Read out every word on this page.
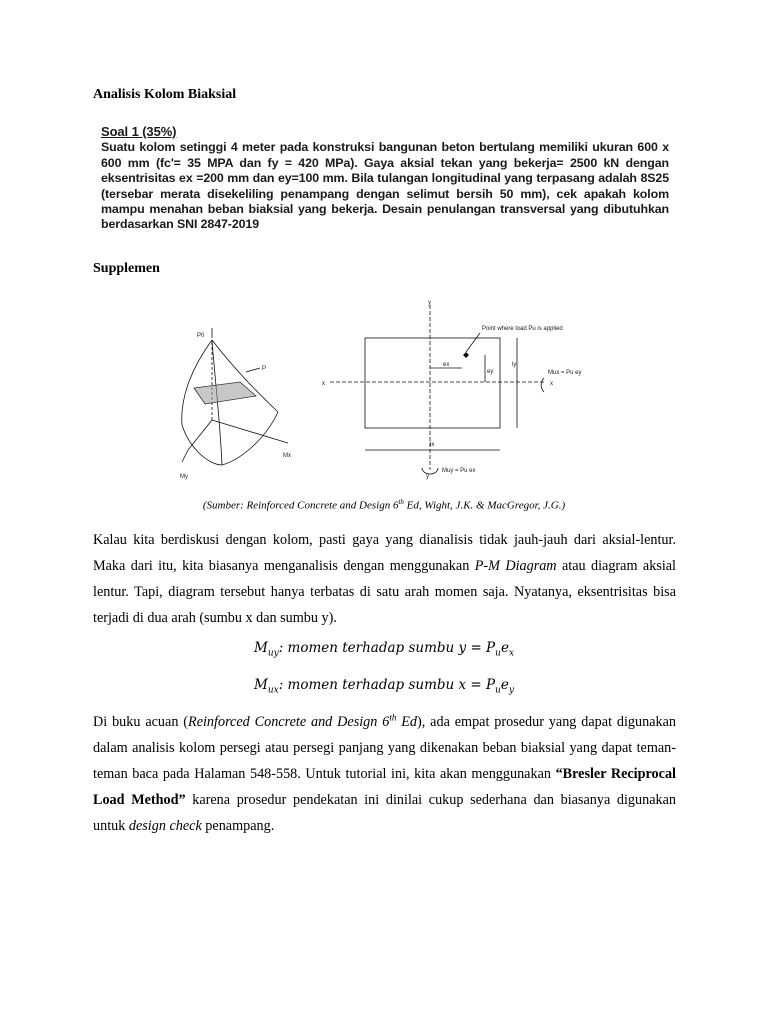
Analisis Kolom Biaksial

Soal 1 (35%)
Suatu kolom setinggi 4 meter pada konstruksi bangunan beton bertulang memiliki ukuran 600 x 600 mm (fc'= 35 MPA dan fy = 420 MPa). Gaya aksial tekan yang bekerja= 2500 kN dengan eksentrisitas ex =200 mm dan ey=100 mm. Bila tulangan longitudinal yang terpasang adalah 8S25 (tersebar merata disekeliling penampang dengan selimut bersih 50 mm), cek apakah kolom mampu menahan beban biaksial yang bekerja. Desain penulangan transversal yang dibutuhkan berdasarkan SNI 2847-2019

Supplemen
P0
P
Mx
My
y
y
x	x
Point where load Pu is applied
ex
ey
ly
lx
Mux = Pu ey
Muy = Pu ex
(Sumber: Reinforced Concrete and Design 6th Ed, Wight, J.K. & MacGregor, J.G.)
Kalau kita berdiskusi dengan kolom, pasti gaya yang dianalisis tidak jauh-jauh dari aksial-lentur. Maka dari itu, kita biasanya menganalisis dengan menggunakan P-M Diagram atau diagram aksial lentur. Tapi, diagram tersebut hanya terbatas di satu arah momen saja. Nyatanya, eksentrisitas bisa terjadi di dua arah (sumbu x dan sumbu y).
$M_{uy}$: momen terhadap sumbu $y = P_ue_x$
$M_{ux}$: momen terhadap sumbu $x = P_ue_y$
Di buku acuan (Reinforced Concrete and Design 6th Ed), ada empat prosedur yang dapat digunakan dalam analisis kolom persegi atau persegi panjang yang dikenakan beban biaksial yang dapat teman-teman baca pada Halaman 548-558. Untuk tutorial ini, kita akan menggunakan “Bresler Reciprocal Load Method” karena prosedur pendekatan ini dinilai cukup sederhana dan biasanya digunakan untuk design check penampang.
